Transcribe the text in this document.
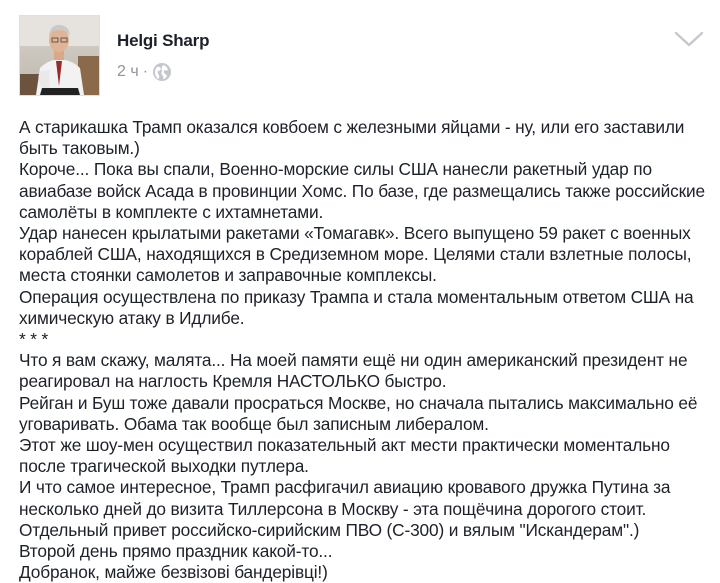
Helgi Sharp
2 ч ·

А старикашка Трамп оказался ковбоем с железными яйцами - ну, или его заставили быть таковым.)

Короче... Пока вы спали, Военно-морские силы США нанесли ракетный удар по авиабазе войск Асада в провинции Хомс. По базе, где размещались также российские самолёты в комплекте с ихтамнетами.

Удар нанесен крылатыми ракетами «Томагавк». Всего выпущено 59 ракет с военных кораблей США, находящихся в Средиземном море. Целями стали взлетные полосы, места стоянки самолетов и заправочные комплексы.

Операция осуществлена по приказу Трампа и стала моментальным ответом США на химическую атаку в Идлибе.

* * *

Что я вам скажу, малята... На моей памяти ещё ни один американский президент не реагировал на наглость Кремля НАСТОЛЬКО быстро.

Рейган и Буш тоже давали просраться Москве, но сначала пытались максимально её уговаривать. Обама так вообще был записным либералом.

Этот же шоу-мен осуществил показательный акт мести практически моментально после трагической выходки путлера.

И что самое интересное, Трамп расфигачил авиацию кровавого дружка Путина за несколько дней до визита Тиллерсона в Москву - эта пощёчина дорогого стоит.

Отдельный привет российско-сирийским ПВО (С-300) и вялым "Искандерам".)

Второй день прямо праздник какой-то...

Добранок, майже безвізові бандерівці!)
